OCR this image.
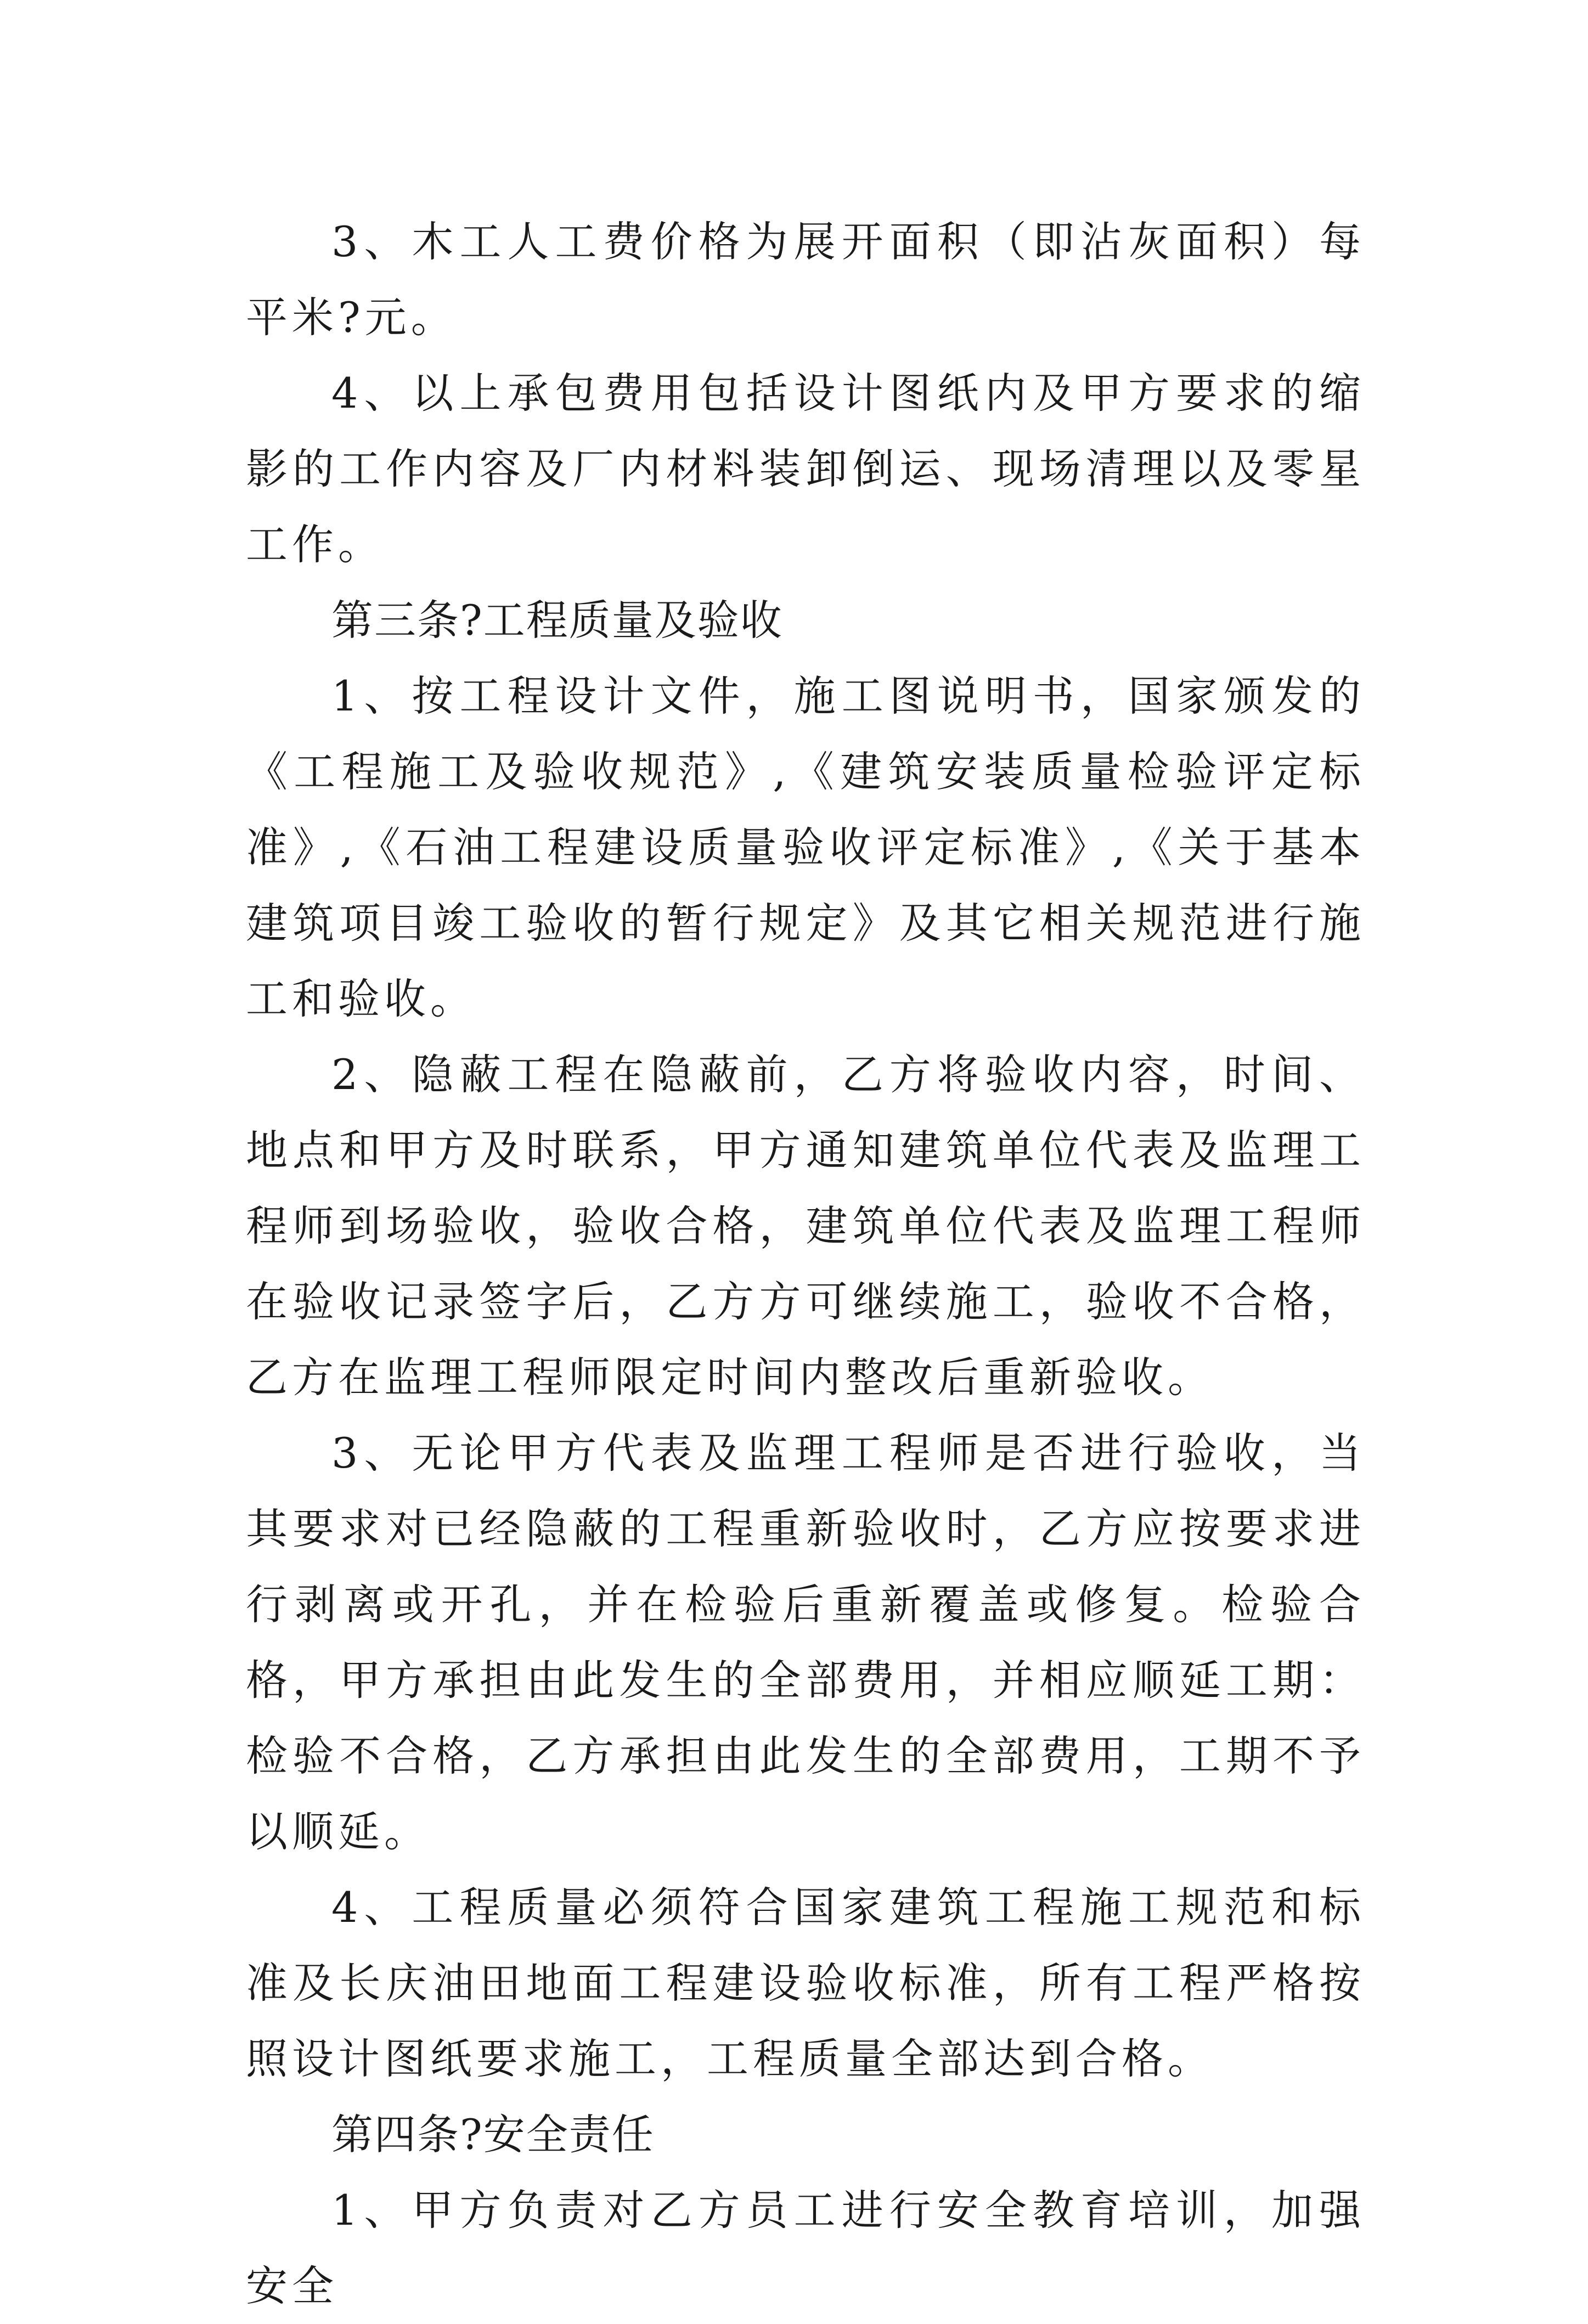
3、木工人工费价格为展开面积（即沾灰面积）每平米?元。

4、以上承包费用包括设计图纸内及甲方要求的缩影的工作内容及厂内材料装卸倒运、现场清理以及零星工作。

第三条?工程质量及验收

1、按工程设计文件，施工图说明书，国家颁发的《工程施工及验收规范》,《建筑安装质量检验评定标准》,《石油工程建设质量验收评定标准》,《关于基本建筑项目竣工验收的暂行规定》及其它相关规范进行施工和验收。

2、隐蔽工程在隐蔽前，乙方将验收内容，时间、地点和甲方及时联系，甲方通知建筑单位代表及监理工程师到场验收，验收合格，建筑单位代表及监理工程师在验收记录签字后，乙方方可继续施工，验收不合格，乙方在监理工程师限定时间内整改后重新验收。

3、无论甲方代表及监理工程师是否进行验收，当其要求对已经隐蔽的工程重新验收时，乙方应按要求进行剥离或开孔，并在检验后重新覆盖或修复。检验合格，甲方承担由此发生的全部费用，并相应顺延工期：检验不合格，乙方承担由此发生的全部费用，工期不予以顺延。

4、工程质量必须符合国家建筑工程施工规范和标准及长庆油田地面工程建设验收标准，所有工程严格按照设计图纸要求施工，工程质量全部达到合格。

第四条?安全责任

1、甲方负责对乙方员工进行安全教育培训，加强安全
